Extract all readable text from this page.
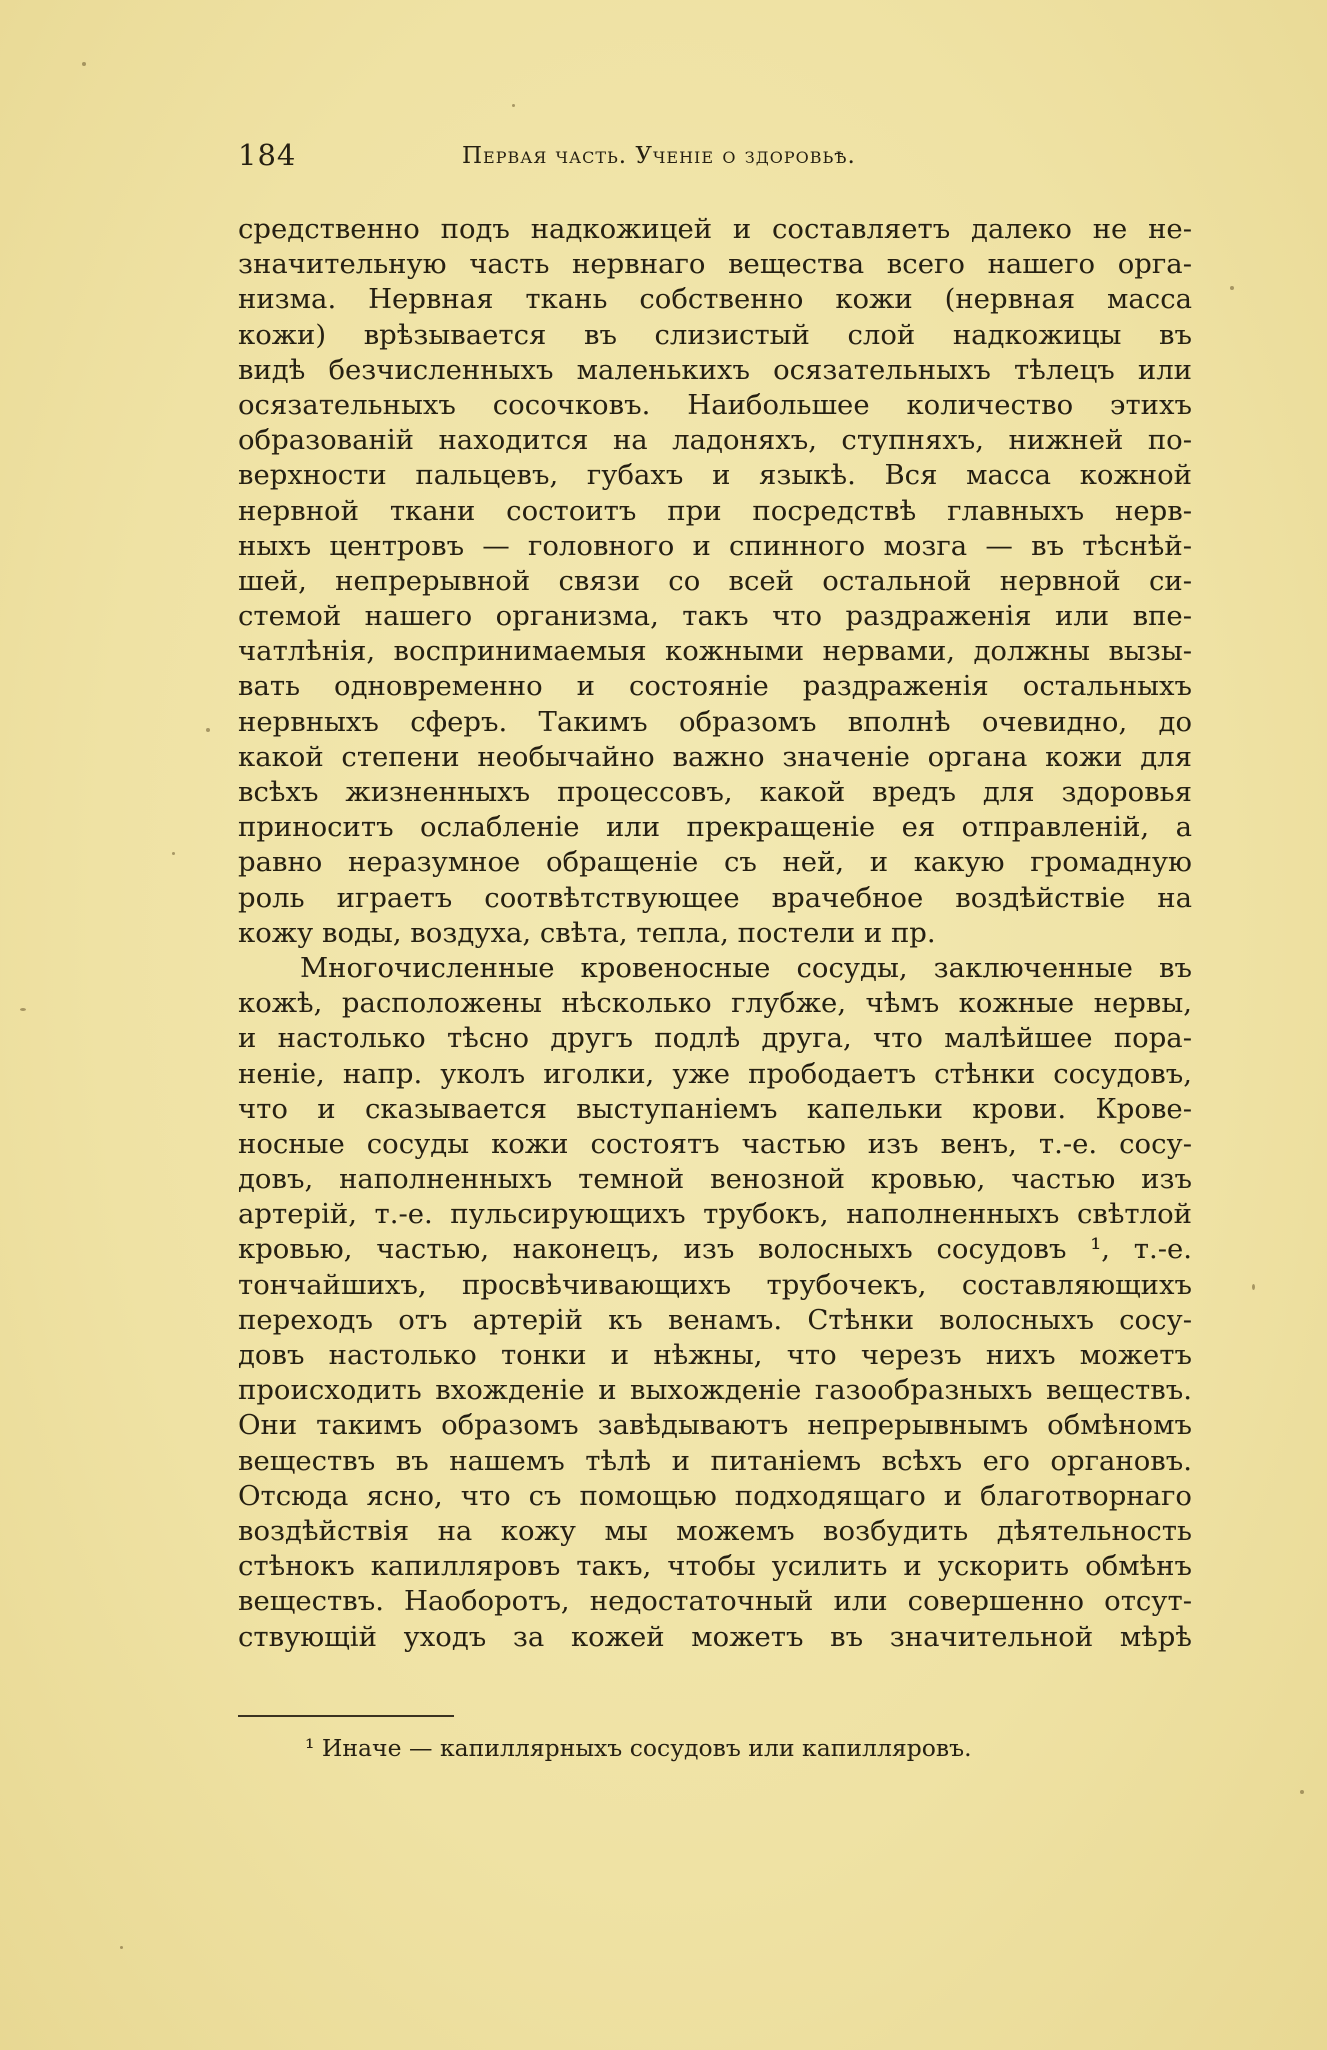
184	Первая часть. Ученіе о здоровьѣ.
средственно подъ надкожицей и составляетъ далеко не не-
значительную часть нервнаго вещества всего нашего орга-
низма. Нервная ткань собственно кожи (нервная масса
кожи) врѣзывается въ слизистый слой надкожицы въ
видѣ безчисленныхъ маленькихъ осязательныхъ тѣлецъ или
осязательныхъ сосочковъ. Наибольшее количество этихъ
образованій находится на ладоняхъ, ступняхъ, нижней по-
верхности пальцевъ, губахъ и языкѣ. Вся масса кожной
нервной ткани состоитъ при посредствѣ главныхъ нерв-
ныхъ центровъ — головного и спинного мозга — въ тѣснѣй-
шей, непрерывной связи со всей остальной нервной си-
стемой нашего организма, такъ что раздраженія или впе-
чатлѣнія, воспринимаемыя кожными нервами, должны вызы-
вать одновременно и состояніе раздраженія остальныхъ
нервныхъ сферъ. Такимъ образомъ вполнѣ очевидно, до
какой степени необычайно важно значеніе органа кожи для
всѣхъ жизненныхъ процессовъ, какой вредъ для здоровья
приноситъ ослабленіе или прекращеніе ея отправленій, а
равно неразумное обращеніе съ ней, и какую громадную
роль играетъ соотвѣтствующее врачебное воздѣйствіе на
кожу воды, воздуха, свѣта, тепла, постели и пр.
Многочисленные кровеносные сосуды, заключенные въ
кожѣ, расположены нѣсколько глубже, чѣмъ кожные нервы,
и настолько тѣсно другъ подлѣ друга, что малѣйшее пора-
неніе, напр. уколъ иголки, уже прободаетъ стѣнки сосудовъ,
что и сказывается выступаніемъ капельки крови. Крове-
носные сосуды кожи состоятъ частью изъ венъ, т.-е. сосу-
довъ, наполненныхъ темной венозной кровью, частью изъ
артерій, т.-е. пульсирующихъ трубокъ, наполненныхъ свѣтлой
кровью, частью, наконецъ, изъ волосныхъ сосудовъ ¹, т.-е.
тончайшихъ, просвѣчивающихъ трубочекъ, составляющихъ
переходъ отъ артерій къ венамъ. Стѣнки волосныхъ сосу-
довъ настолько тонки и нѣжны, что черезъ нихъ можетъ
происходить вхожденіе и выхожденіе газообразныхъ веществъ.
Они такимъ образомъ завѣдываютъ непрерывнымъ обмѣномъ
веществъ въ нашемъ тѣлѣ и питаніемъ всѣхъ его органовъ.
Отсюда ясно, что съ помощью подходящаго и благотворнаго
воздѣйствія на кожу мы можемъ возбудить дѣятельность
стѣнокъ капилляровъ такъ, чтобы усилить и ускорить обмѣнъ
веществъ. Наоборотъ, недостаточный или совершенно отсут-
ствующій уходъ за кожей можетъ въ значительной мѣрѣ
¹ Иначе — капиллярныхъ сосудовъ или капилляровъ.
